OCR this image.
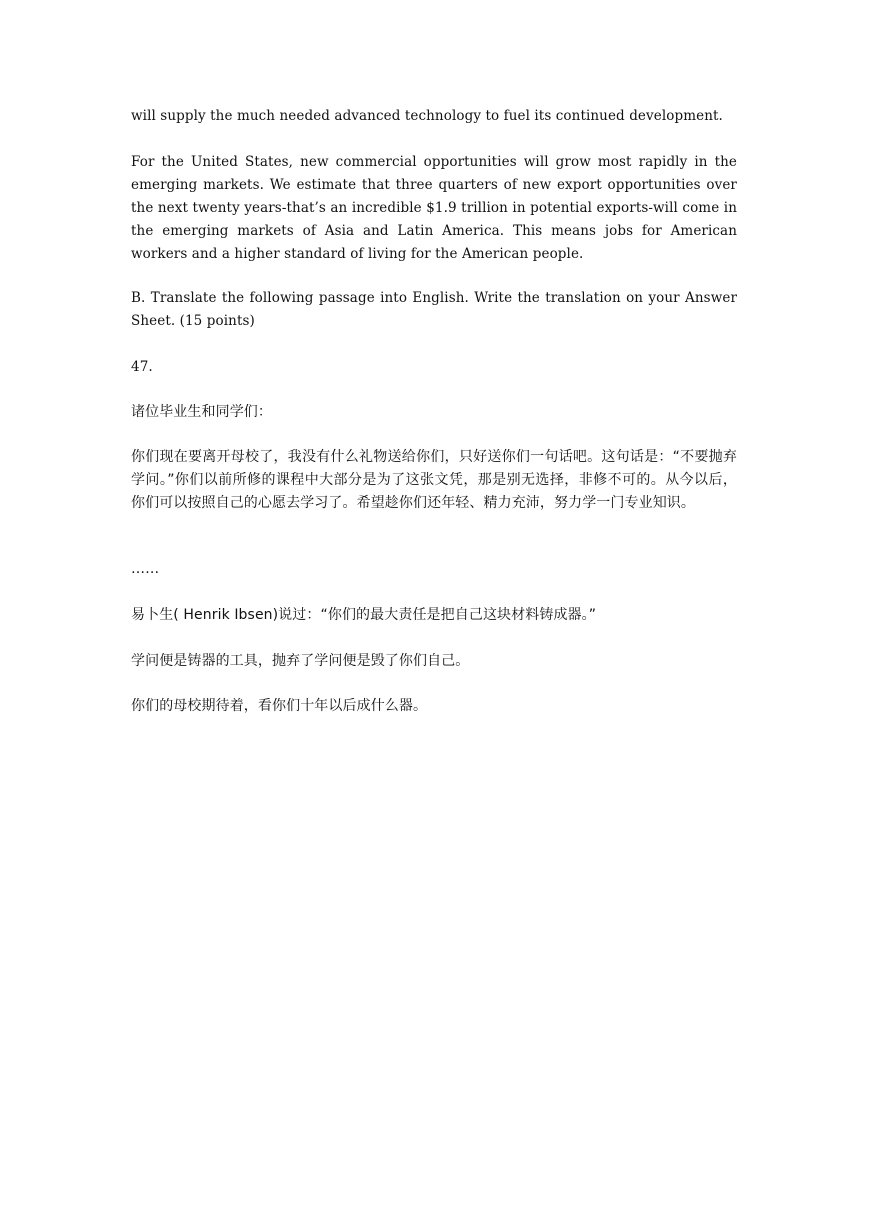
will supply the much needed advanced technology to fuel its continued development.

For the United States, new commercial opportunities will grow most rapidly in the emerging markets. We estimate that three quarters of new export opportunities over the next twenty years-that’s an incredible $1.9 trillion in potential exports-will come in the emerging markets of Asia and Latin America. This means jobs for American workers and a higher standard of living for the American people.

B. Translate the following passage into English. Write the translation on your Answer Sheet. (15 points)

47.

诸位毕业生和同学们：

你们现在要离开母校了，我没有什么礼物送给你们，只好送你们一句话吧。这句话是：“不要抛弃学问。”你们以前所修的课程中大部分是为了这张文凭，那是别无选择，非修不可的。从今以后，你们可以按照自己的心愿去学习了。希望趁你们还年轻、精力充沛，努力学一门专业知识。

……

易卜生( Henrik Ibsen)说过：“你们的最大责任是把自己这块材料铸成器。”

学问便是铸器的工具，抛弃了学问便是毁了你们自己。

你们的母校期待着，看你们十年以后成什么器。
